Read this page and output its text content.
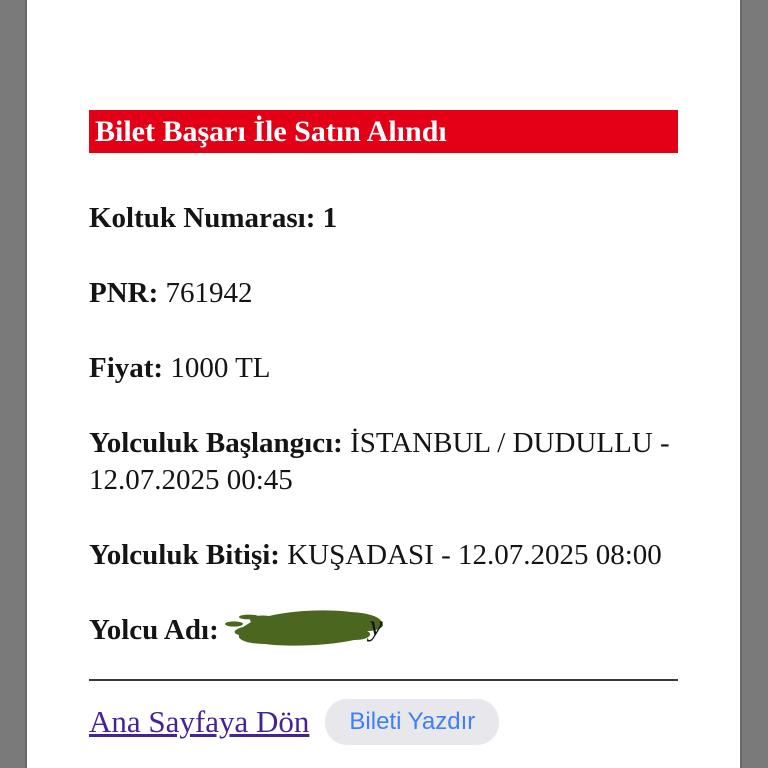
Bilet Başarı İle Satın Alındı

Koltuk Numarası: 1

PNR: 761942

Fiyat: 1000 TL

Yolculuk Başlangıcı: İSTANBUL / DUDULLU - 12.07.2025 00:45

Yolculuk Bitişi: KUŞADASI - 12.07.2025 08:00

Yolcu Adı:	y

Ana Sayfaya Dön	Bileti Yazdır
